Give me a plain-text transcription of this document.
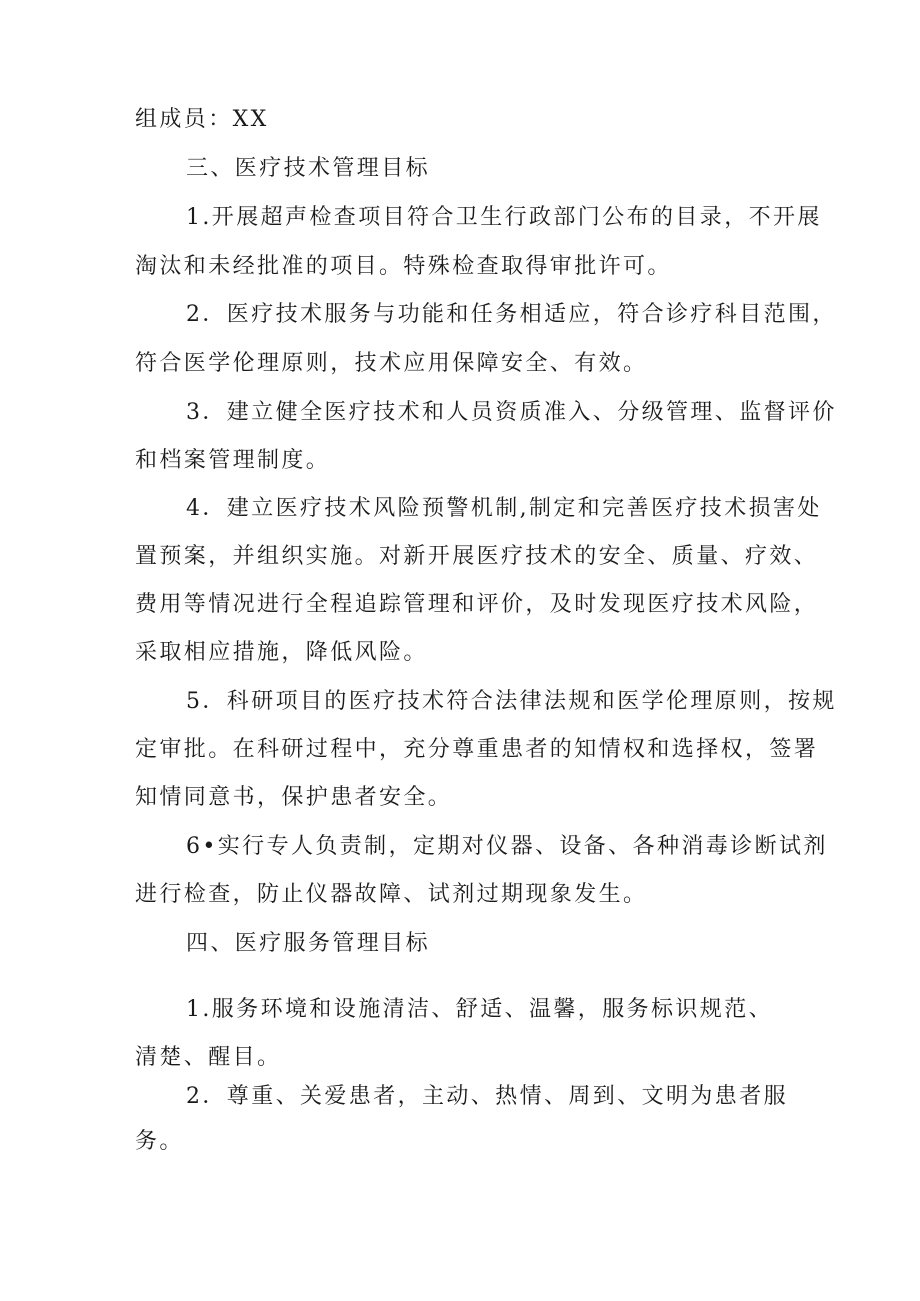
组成员：XX
三、医疗技术管理目标
1.开展超声检查项目符合卫生行政部门公布的目录，不开展
淘汰和未经批准的项目。特殊检查取得审批许可。
2．医疗技术服务与功能和任务相适应，符合诊疗科目范围，
符合医学伦理原则，技术应用保障安全、有效。
3．建立健全医疗技术和人员资质准入、分级管理、监督评价
和档案管理制度。
4．建立医疗技术风险预警机制,制定和完善医疗技术损害处
置预案，并组织实施。对新开展医疗技术的安全、质量、疗效、
费用等情况进行全程追踪管理和评价，及时发现医疗技术风险，
采取相应措施，降低风险。
5．科研项目的医疗技术符合法律法规和医学伦理原则，按规
定审批。在科研过程中，充分尊重患者的知情权和选择权，签署
知情同意书，保护患者安全。
6•实行专人负责制，定期对仪器、设备、各种消毒诊断试剂
进行检查，防止仪器故障、试剂过期现象发生。
四、医疗服务管理目标
1.服务环境和设施清洁、舒适、温馨，服务标识规范、
清楚、醒目。
2．尊重、关爱患者，主动、热情、周到、文明为患者服
务。
